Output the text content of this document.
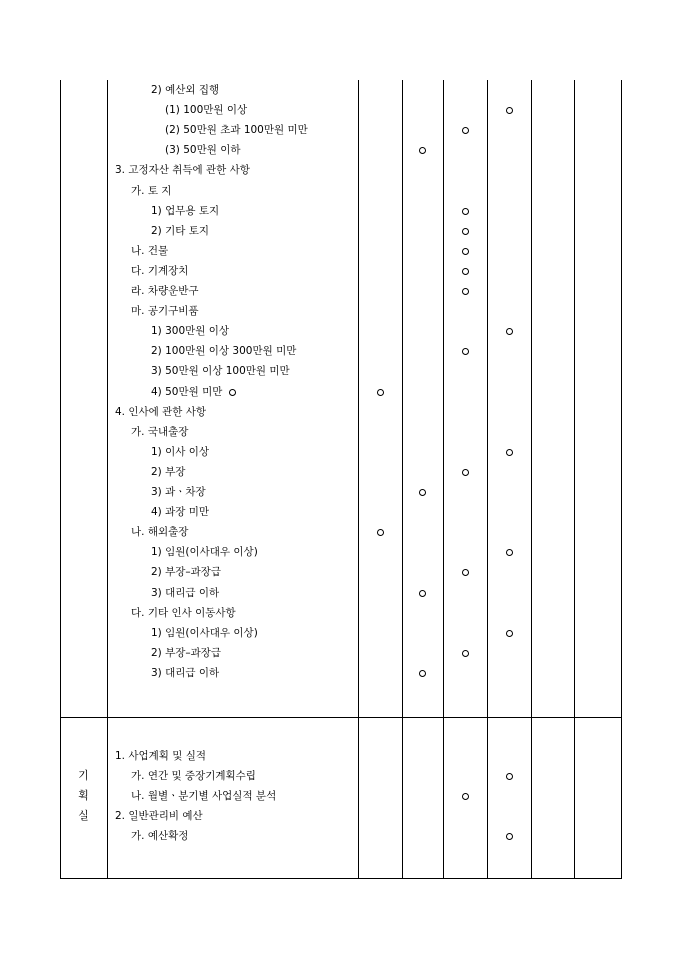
2) 예산외 집행
(1) 100만원 이상
(2) 50만원 초과 100만원 미만
(3) 50만원 이하
3. 고정자산 취득에 관한 사항
가. 토 지
1) 업무용 토지
2) 기타 토지
나. 건물
다. 기계장치
라. 차량운반구
마. 공기구비품
1) 300만원 이상
2) 100만원 이상 300만원 미만
3) 50만원 이상 100만원 미만
4) 50만원 미만
4. 인사에 관한 사항
가. 국내출장
1) 이사 이상
2) 부장
3) 과ㆍ차장
4) 과장 미만
나. 해외출장
1) 임원(이사대우 이상)
2) 부장–과장급
3) 대리급 이하
다. 기타 인사 이동사항
1) 임원(이사대우 이상)
2) 부장–과장급
3) 대리급 이하
1. 사업계획 및 실적
가. 연간 및 중장기계획수립
나. 월별ㆍ분기별 사업실적 분석
2. 일반관리비 예산
가. 예산확정
기
획
실
